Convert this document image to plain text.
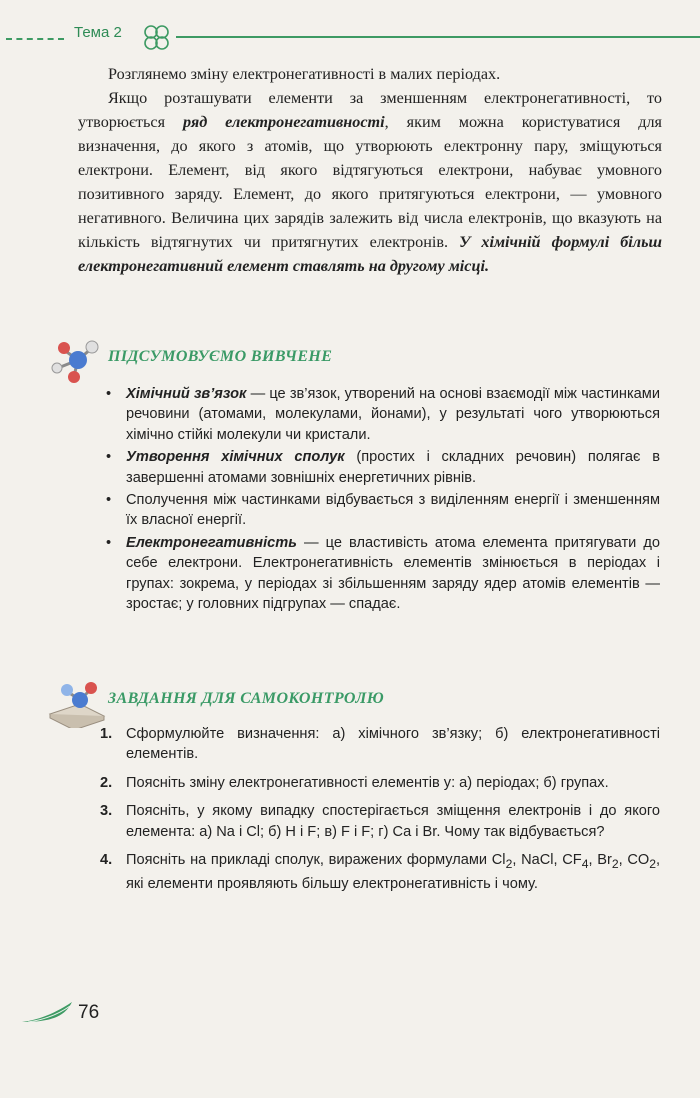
Тема 2

Розглянемо зміну електронегативності в малих періодах.

Якщо розташувати елементи за зменшенням електронегативності, то утворюється ряд електронегативності, яким можна користуватися для визначення, до якого з атомів, що утворюють електронну пару, зміщуються електрони. Елемент, від якого відтягуються електрони, набуває умовного позитивного заряду. Елемент, до якого притягуються електрони, — умовного негативного. Величина цих зарядів залежить від числа електронів, що вказують на кількість відтягнутих чи притягнутих електронів. У хімічній формулі більш електронегативний елемент ставлять на другому місці.

ПІДСУМОВУЄМО ВИВЧЕНЕ
• Хімічний зв’язок — це зв’язок, утворений на основі взаємодії між частинками речовини (атомами, молекулами, йонами), у результаті чого утворюються хімічно стійкі молекули чи кристали.
• Утворення хімічних сполук (простих і складних речовин) полягає в завершенні атомами зовнішніх енергетичних рівнів.
• Сполучення між частинками відбувається з виділенням енергії і зменшенням їх власної енергії.
• Електронегативність — це властивість атома елемента притягувати до себе електрони. Електронегативність елементів змінюється в періодах і групах: зокрема, у періодах зі збільшенням заряду ядер атомів елементів — зростає; у головних підгрупах — спадає.
ЗАВДАННЯ ДЛЯ САМОКОНТРОЛЮ
1. Сформулюйте визначення: а) хімічного зв’язку; б) електронегативності елементів.
2. Поясніть зміну електронегативності елементів у: а) періодах; б) групах.
3. Поясніть, у якому випадку спостерігається зміщення електронів і до якого елемента: а) Na і Cl; б) H і F; в) F і F; г) Ca і Br. Чому так відбувається?
4. Поясніть на прикладі сполук, виражених формулами $Cl_2$, NaCl, $CF_4$, $Br_2$, $CO_2$, які елементи проявляють більшу електронегативність і чому.
76
